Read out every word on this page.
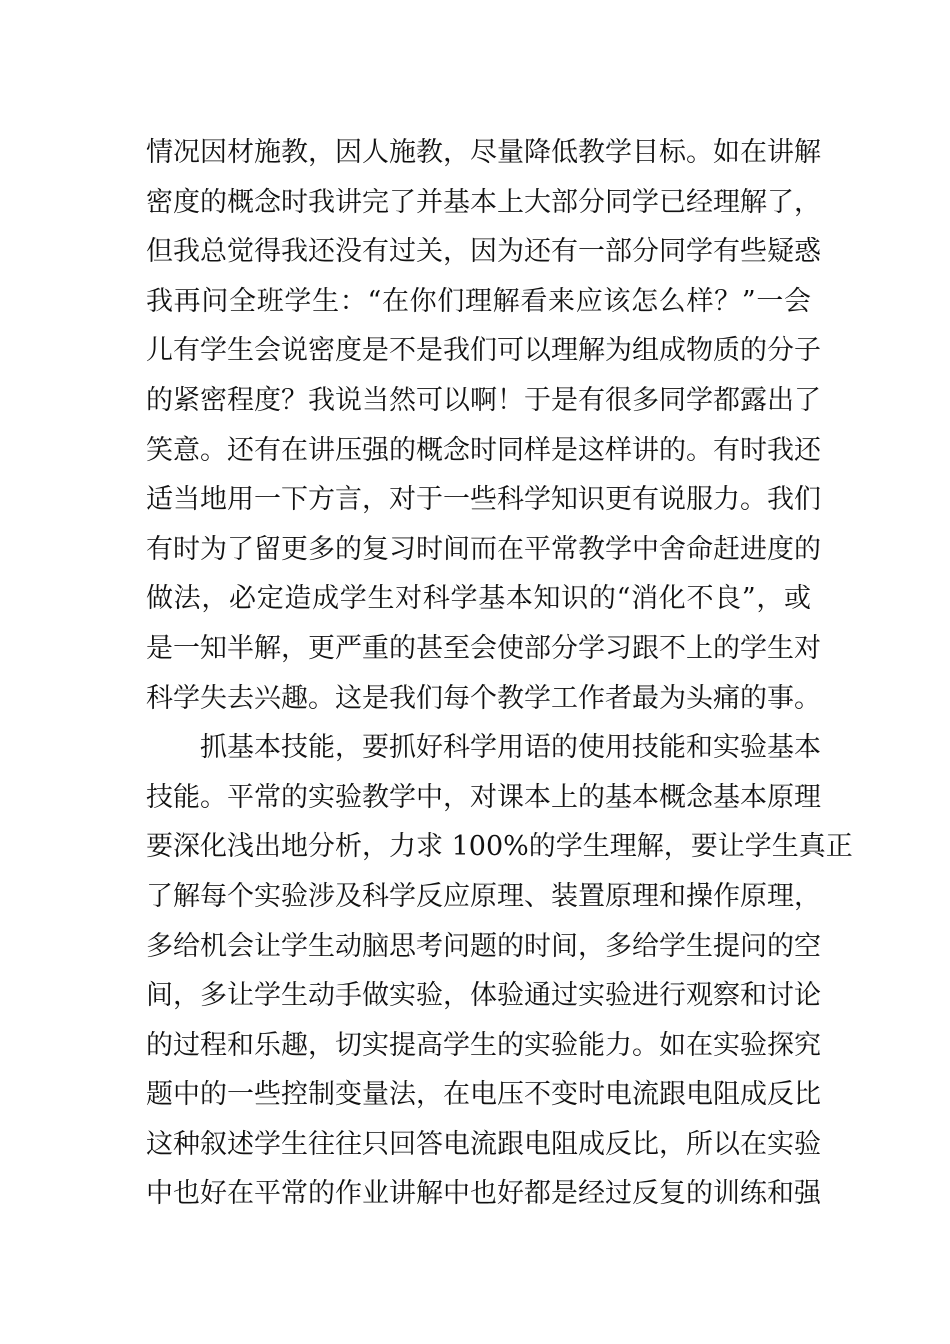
情况因材施教，因人施教，尽量降低教学目标。如在讲解
密度的概念时我讲完了并基本上大部分同学已经理解了，
但我总觉得我还没有过关，因为还有一部分同学有些疑惑
我再问全班学生：“在你们理解看来应该怎么样？”一会
儿有学生会说密度是不是我们可以理解为组成物质的分子
的紧密程度？我说当然可以啊！于是有很多同学都露出了
笑意。还有在讲压强的概念时同样是这样讲的。有时我还
适当地用一下方言，对于一些科学知识更有说服力。我们
有时为了留更多的复习时间而在平常教学中舍命赶进度的
做法，必定造成学生对科学基本知识的“消化不良”，或
是一知半解，更严重的甚至会使部分学习跟不上的学生对
科学失去兴趣。这是我们每个教学工作者最为头痛的事。
抓基本技能，要抓好科学用语的使用技能和实验基本
技能。平常的实验教学中，对课本上的基本概念基本原理
要深化浅出地分析，力求 100%的学生理解，要让学生真正
了解每个实验涉及科学反应原理、装置原理和操作原理，
多给机会让学生动脑思考问题的时间，多给学生提问的空
间，多让学生动手做实验，体验通过实验进行观察和讨论
的过程和乐趣，切实提高学生的实验能力。如在实验探究
题中的一些控制变量法，在电压不变时电流跟电阻成反比
这种叙述学生往往只回答电流跟电阻成反比，所以在实验
中也好在平常的作业讲解中也好都是经过反复的训练和强
